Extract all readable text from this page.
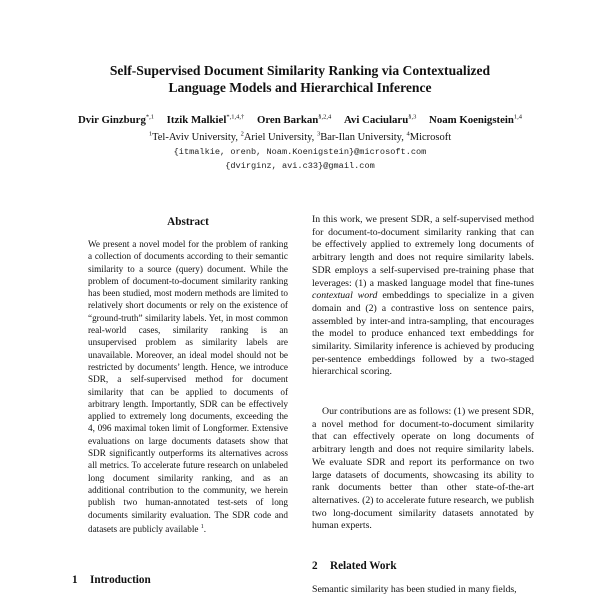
Self-Supervised Document Similarity Ranking via Contextualized
Language Models and Hierarchical Inference
Dvir Ginzburg$^{*,1}$ Itzik Malkiel$^{*,1,4,\dagger}$ Oren Barkan$^{\S,2,4}$ Avi Caciularu$^{\S,3}$ Noam Koenigstein$^{1,4}$
$^1$Tel-Aviv University, $^2$Ariel University, $^3$Bar-Ilan University, $^4$Microsoft
{itmalkie, orenb, Noam.Koenigstein}@microsoft.com
{dvirginz, avi.c33}@gmail.com
Abstract
We present a novel model for the problem of ranking a collection of documents according to their semantic similarity to a source (query) document. While the problem of document-to-document similarity ranking has been studied, most modern methods are limited to relatively short documents or rely on the existence of “ground-truth” similarity labels. Yet, in most common real-world cases, similarity ranking is an unsupervised problem as similarity labels are unavailable. Moreover, an ideal model should not be restricted by documents’ length. Hence, we introduce SDR, a self-supervised method for document similarity that can be applied to documents of arbitrary length. Importantly, SDR can be effectively applied to extremely long documents, exceeding the 4, 096 maximal token limit of Longformer. Extensive evaluations on large documents datasets show that SDR significantly outperforms its alternatives across all metrics. To accelerate future research on unlabeled long document similarity ranking, and as an additional contribution to the community, we herein publish two human-annotated test-sets of long documents similarity evaluation. The SDR code and datasets are publicly available $^1$.
1 Introduction
In this work, we present SDR, a self-supervised method for document-to-document similarity ranking that can be effectively applied to extremely long documents of arbitrary length and does not require similarity labels. SDR employs a self-supervised pre-training phase that leverages: (1) a masked language model that fine-tunes contextual word embeddings to specialize in a given domain and (2) a contrastive loss on sentence pairs, assembled by inter-and intra-sampling, that encourages the model to produce enhanced text embeddings for similarity. Similarity inference is achieved by producing per-sentence embeddings followed by a two-staged hierarchical scoring.
Our contributions are as follows: (1) we present SDR, a novel method for document-to-document similarity that can effectively operate on long documents of arbitrary length and does not require similarity labels. We evaluate SDR and report its performance on two large datasets of documents, showcasing its ability to rank documents better than other state-of-the-art alternatives. (2) to accelerate future research, we publish two long-document similarity datasets annotated by human experts.
2 Related Work
Semantic similarity has been studied in many fields,
